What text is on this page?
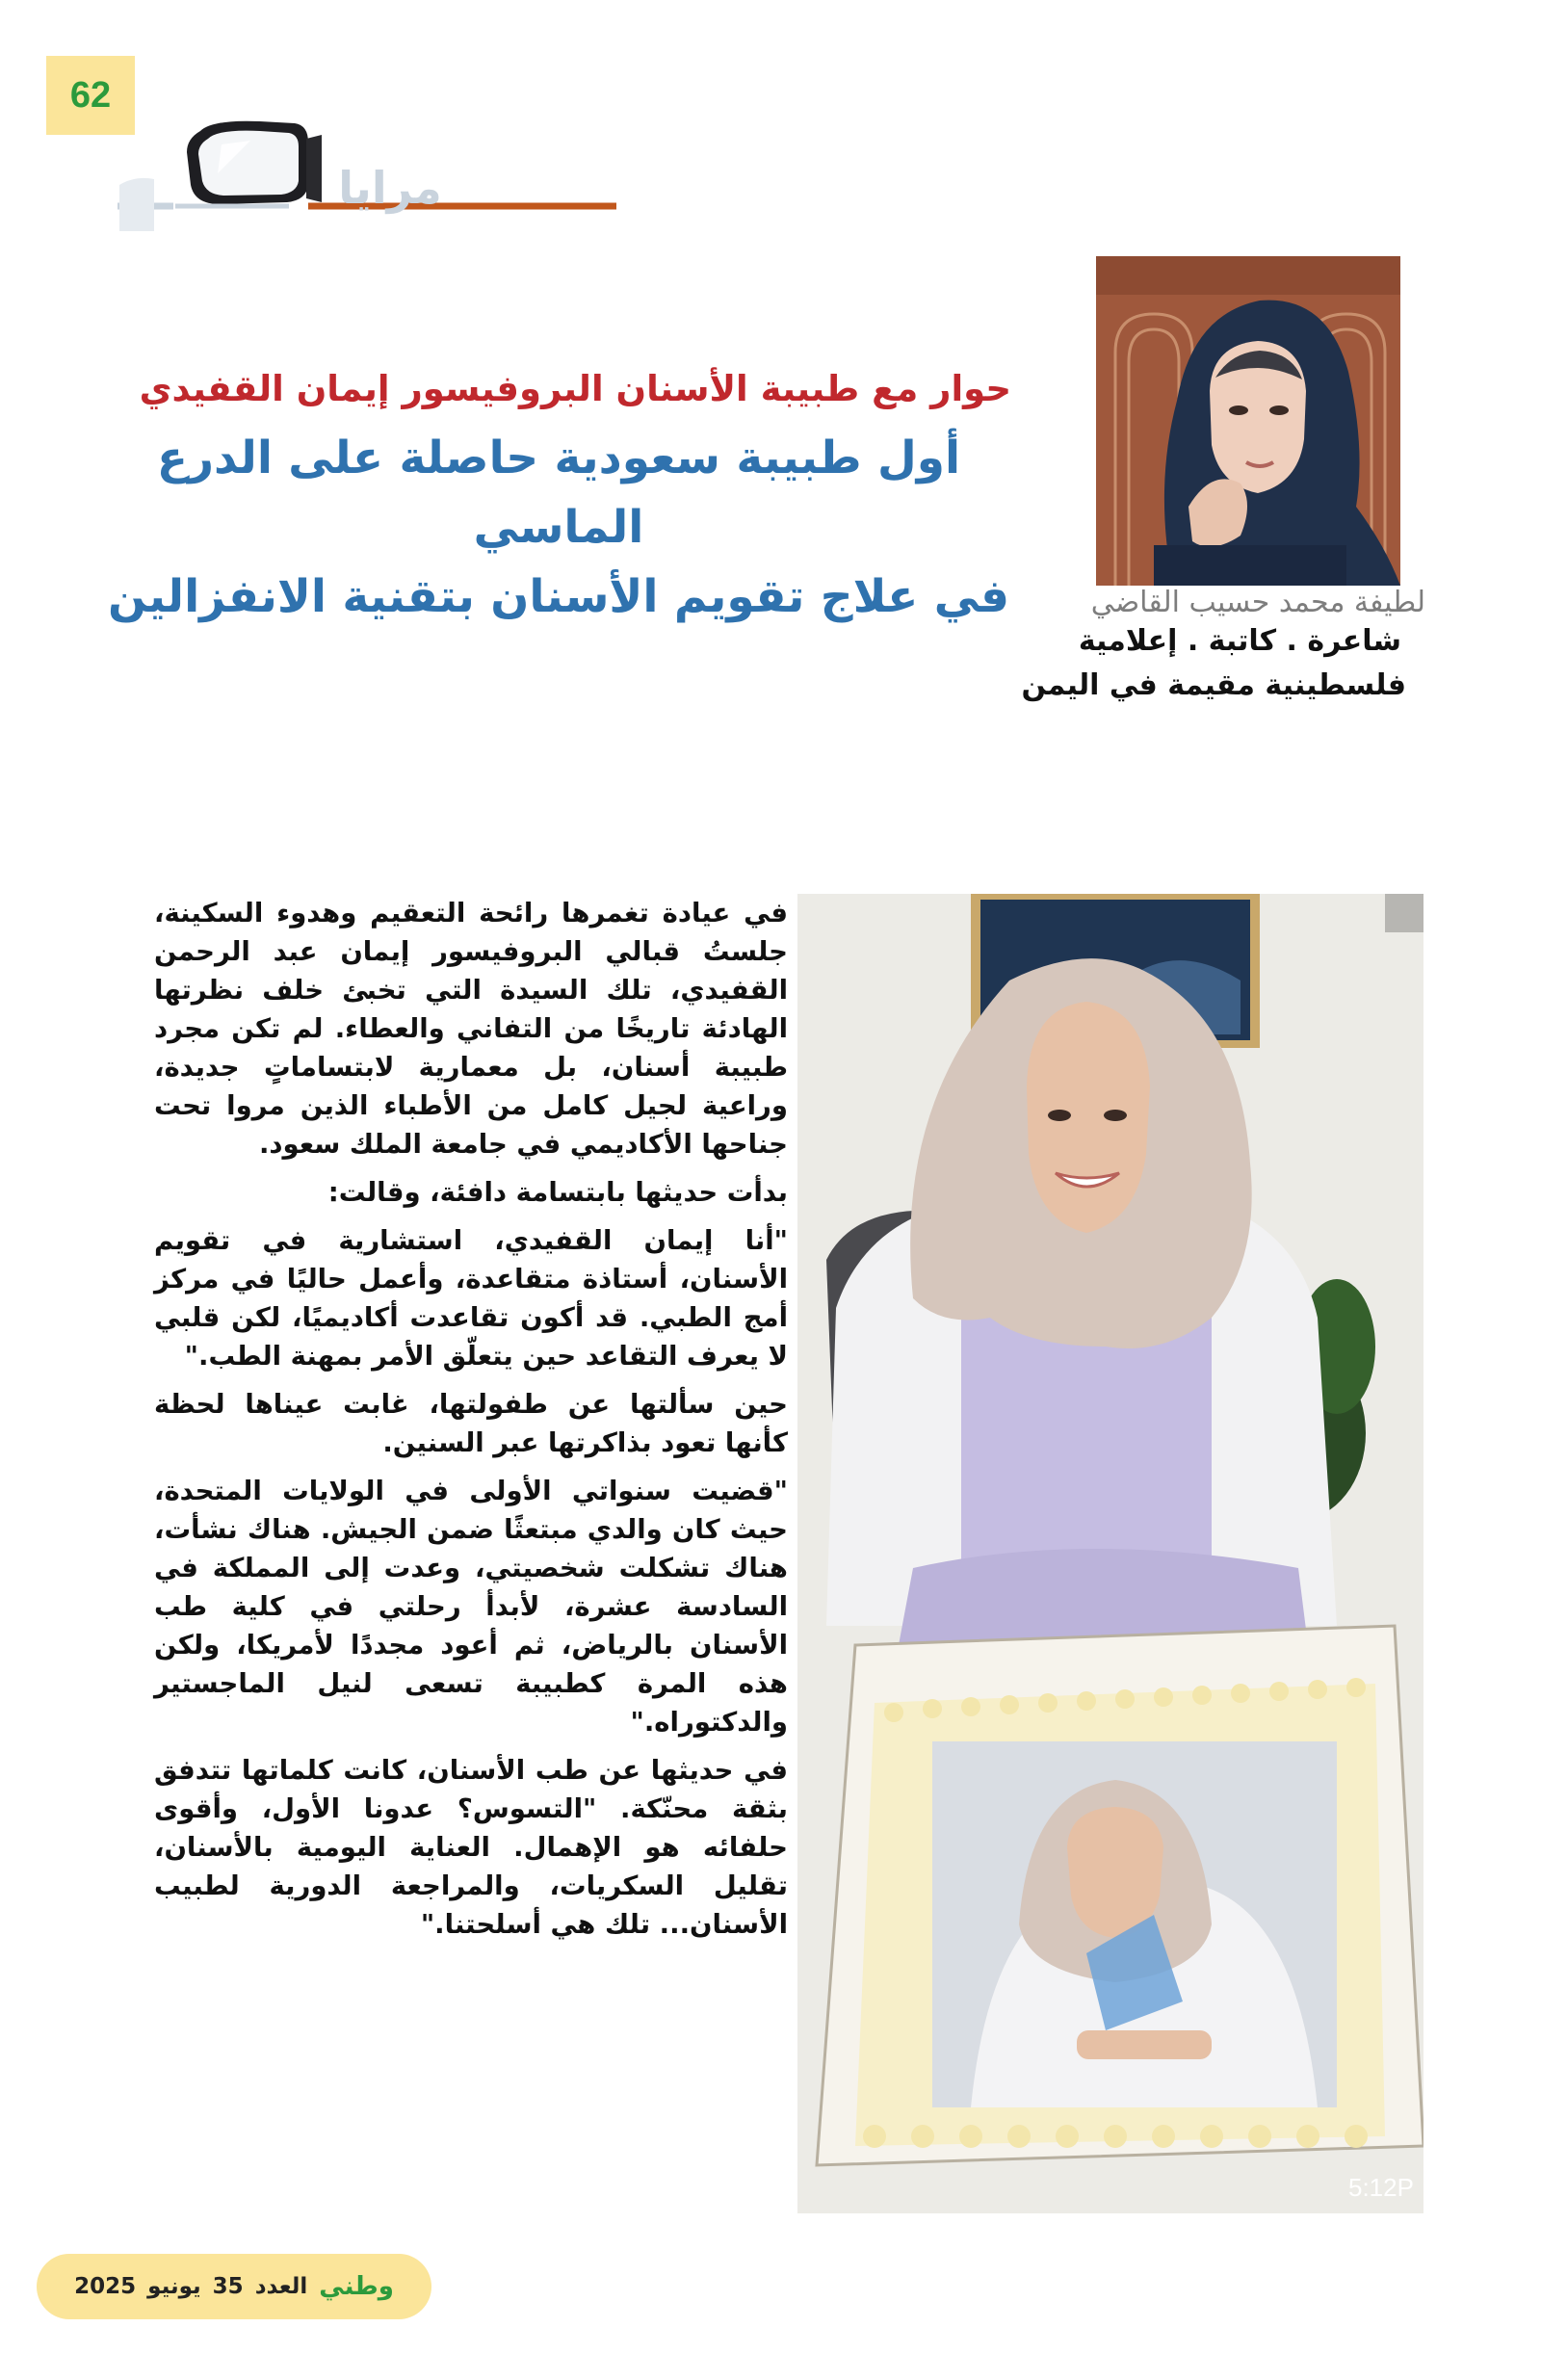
62
مرايا
حوار مع طبيبة الأسنان البروفيسور إيمان القفيدي
أول طبيبة سعودية حاصلة على الدرع الماسي
في علاج تقويم الأسنان بتقنية الانفزالين	لطيفة محمد حسيب القاضي
شاعرة . كاتبة . إعلامية
فلسطينية مقيمة في اليمن

في عيادة تغمرها رائحة التعقيم وهدوء السكينة، جلستُ قبالي البروفيسور إيمان عبد الرحمن القفيدي، تلك السيدة التي تخبئ خلف نظرتها الهادئة تاريخًا من التفاني والعطاء. لم تكن مجرد طبيبة أسنان، بل معمارية لابتساماتٍ جديدة، وراعية لجيل كامل من الأطباء الذين مروا تحت جناحها الأكاديمي في جامعة الملك سعود.

بدأت حديثها بابتسامة دافئة، وقالت:

"أنا إيمان القفيدي، استشارية في تقويم الأسنان، أستاذة متقاعدة، وأعمل حاليًا في مركز أمج الطبي. قد أكون تقاعدت أكاديميًا، لكن قلبي لا يعرف التقاعد حين يتعلّق الأمر بمهنة الطب."

حين سألتها عن طفولتها، غابت عيناها لحظة كأنها تعود بذاكرتها عبر السنين.

"قضيت سنواتي الأولى في الولايات المتحدة، حيث كان والدي مبتعثًا ضمن الجيش. هناك نشأت، هناك تشكلت شخصيتي، وعدت إلى المملكة في السادسة عشرة، لأبدأ رحلتي في كلية طب الأسنان بالرياض، ثم أعود مجددًا لأمريكا، ولكن هذه المرة كطبيبة تسعى لنيل الماجستير والدكتوراه."

في حديثها عن طب الأسنان، كانت كلماتها تتدفق بثقة محنّكة. "التسوس؟ عدونا الأول، وأقوى حلفائه هو الإهمال. العناية اليومية بالأسنان، تقليل السكريات، والمراجعة الدورية لطبيب الأسنان... تلك هي أسلحتنا."

5:12P
وطني
العدد
35
يونيو
2025
